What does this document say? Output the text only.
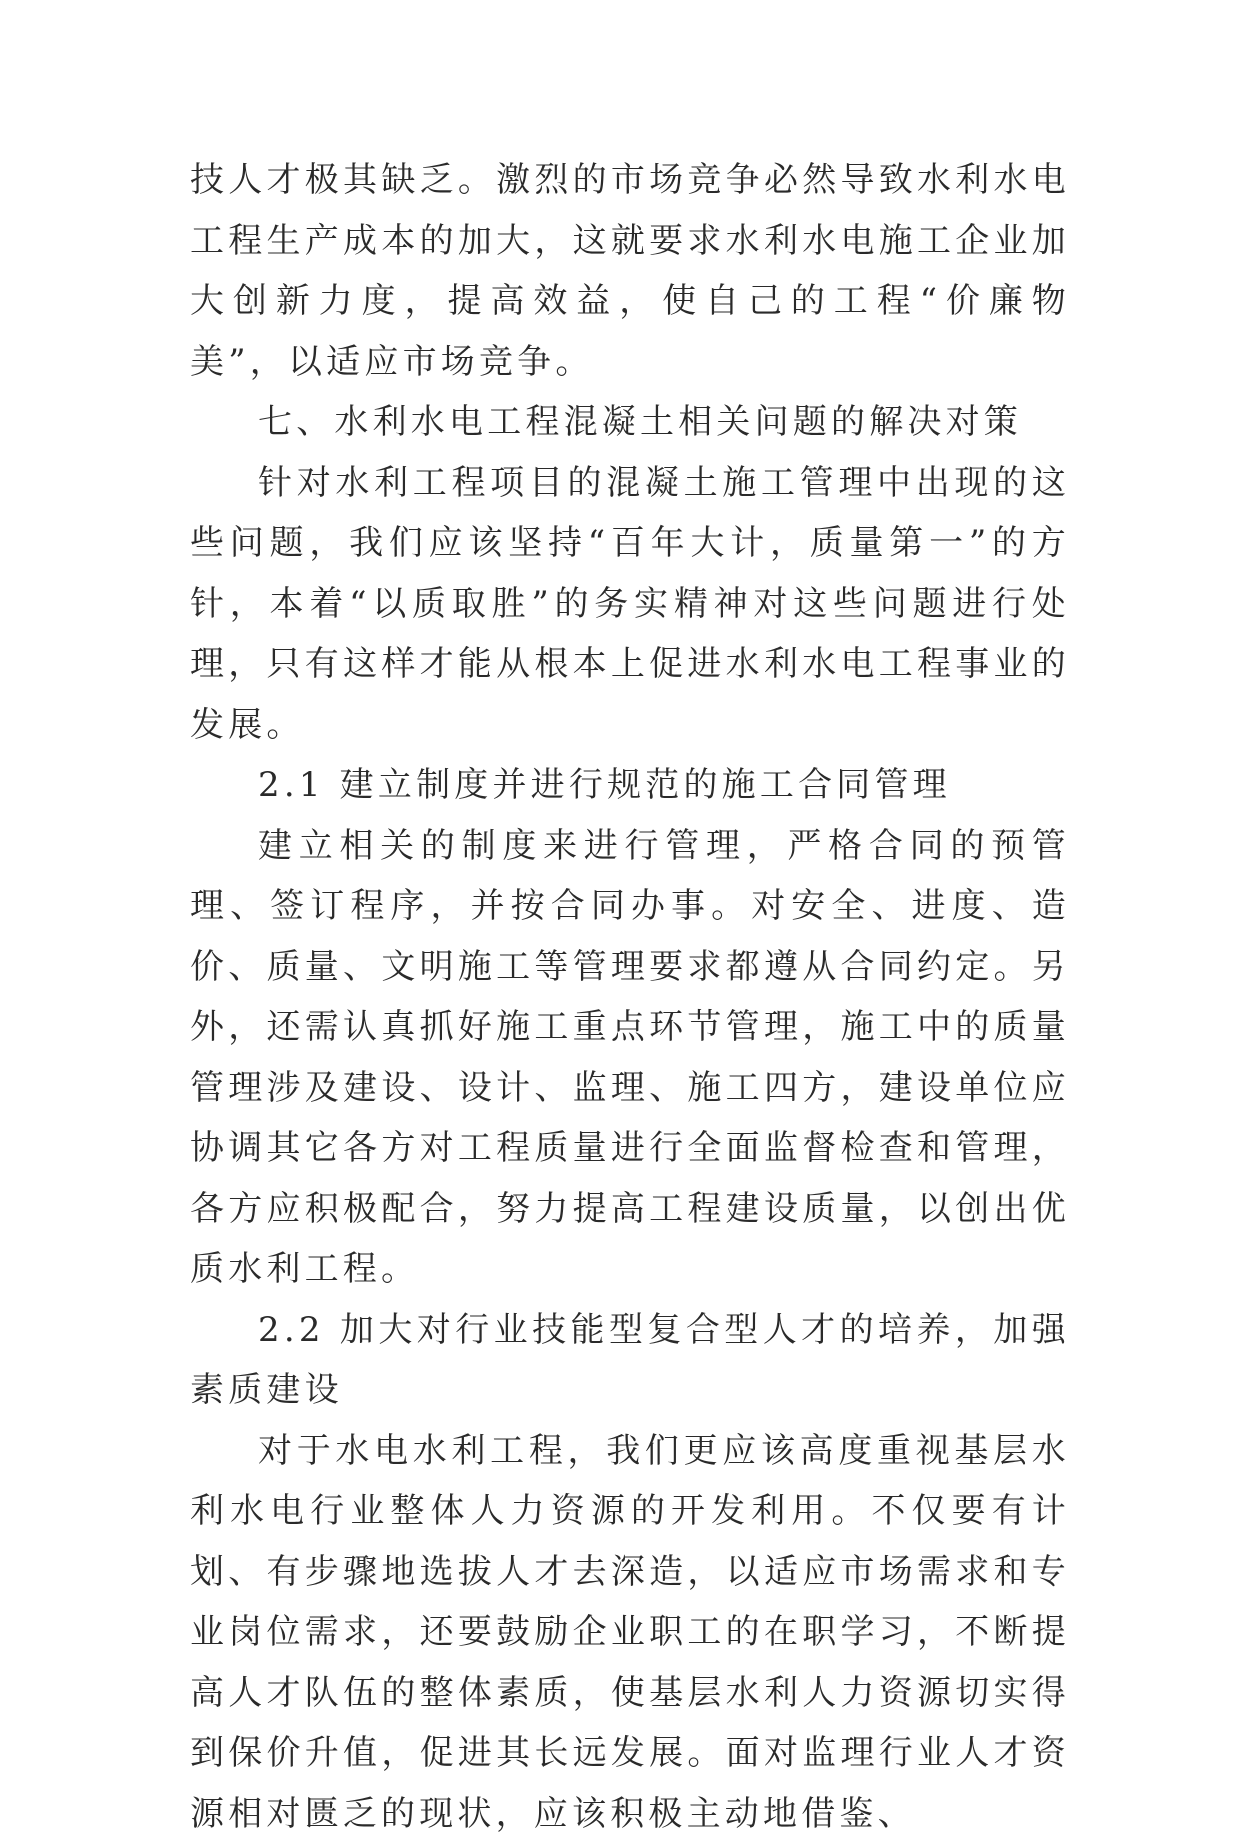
技人才极其缺乏。激烈的市场竞争必然导致水利水电工程生产成本的加大，这就要求水利水电施工企业加大创新力度，提高效益，使自己的工程“价廉物美”，以适应市场竞争。

七、水利水电工程混凝土相关问题的解决对策

针对水利工程项目的混凝土施工管理中出现的这些问题，我们应该坚持“百年大计，质量第一”的方针，本着“以质取胜”的务实精神对这些问题进行处理，只有这样才能从根本上促进水利水电工程事业的发展。

2.1 建立制度并进行规范的施工合同管理

建立相关的制度来进行管理，严格合同的预管理、签订程序，并按合同办事。对安全、进度、造价、质量、文明施工等管理要求都遵从合同约定。另外，还需认真抓好施工重点环节管理，施工中的质量管理涉及建设、设计、监理、施工四方，建设单位应协调其它各方对工程质量进行全面监督检查和管理，各方应积极配合，努力提高工程建设质量，以创出优质水利工程。

2.2 加大对行业技能型复合型人才的培养，加强素质建设

对于水电水利工程，我们更应该高度重视基层水利水电行业整体人力资源的开发利用。不仅要有计划、有步骤地选拔人才去深造，以适应市场需求和专业岗位需求，还要鼓励企业职工的在职学习，不断提高人才队伍的整体素质，使基层水利人力资源切实得到保价升值，促进其长远发展。面对监理行业人才资源相对匮乏的现状，应该积极主动地借鉴、
